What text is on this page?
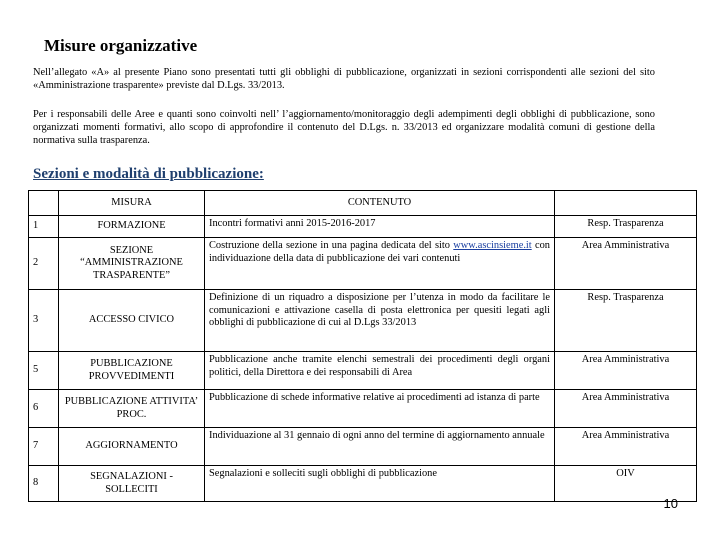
Misure organizzative

Nell’allegato «A» al presente Piano sono presentati tutti gli obblighi di pubblicazione, organizzati in sezioni corrispondenti alle sezioni del sito «Amministrazione trasparente» previste dal D.Lgs. 33/2013.

Per i responsabili delle Aree e quanti sono coinvolti nell’ l’aggiornamento/monitoraggio degli adempimenti degli obblighi di pubblicazione, sono organizzati momenti formativi, allo scopo di approfondire il contenuto del D.Lgs. n. 33/2013 ed organizzare modalità comuni di gestione della normativa sulla trasparenza.

Sezioni e modalità di pubblicazione:
	MISURA	CONTENUTO	
1	FORMAZIONE	Incontri formativi anni 2015-2016-2017	Resp. Trasparenza
2	SEZIONE “AMMINISTRAZIONE TRASPARENTE”	Costruzione della sezione in una pagina dedicata del sito www.ascinsieme.it con individuazione della data di pubblicazione dei vari contenuti	Area Amministrativa
3	ACCESSO CIVICO	Definizione di un riquadro a disposizione per l’utenza in modo da facilitare le comunicazioni e attivazione casella di posta elettronica per quesiti legati agli obblighi di pubblicazione di cui al D.Lgs 33/2013	Resp. Trasparenza
5	PUBBLICAZIONE PROVVEDIMENTI	Pubblicazione anche tramite elenchi semestrali dei procedimenti degli organi politici, della Direttora e dei responsabili di Area	Area Amministrativa
6	PUBBLICAZIONE ATTIVITA’ PROC.	Pubblicazione di schede informative relative ai procedimenti ad istanza di parte	Area Amministrativa
7	AGGIORNAMENTO	Individuazione al 31 gennaio di ogni anno del termine di aggiornamento annuale	Area Amministrativa
8	SEGNALAZIONI - SOLLECITI	Segnalazioni e solleciti sugli obblighi di pubblicazione	OIV
10
